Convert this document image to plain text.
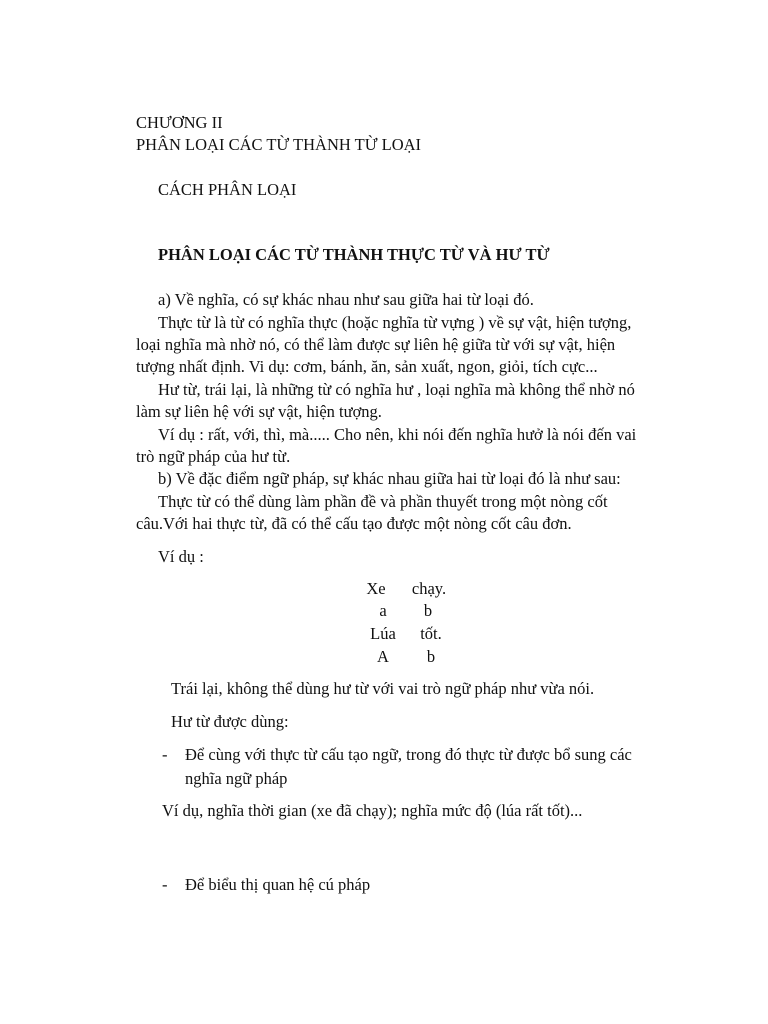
CHƯƠNG II
PHÂN LOẠI CÁC TỪ THÀNH TỪ LOẠI
CÁCH PHÂN LOẠI
PHÂN LOẠI CÁC TỪ THÀNH THỰC TỪ VÀ HƯ TỪ
a) Về nghĩa, có sự khác nhau như sau giữa hai từ loại đó.
Thực từ là từ có nghĩa thực (hoặc nghĩa từ vựng ) về sự vật, hiện tượng,
loại nghĩa mà nhờ nó, có thể làm được sự liên hệ giữa từ với sự vật, hiện
tượng nhất định. Vi dụ: cơm, bánh, ăn, sản xuất, ngon, giỏi, tích cực...
Hư từ, trái lại, là những từ có nghĩa hư , loại nghĩa mà không thể nhờ nó
làm sự liên hệ với sự vật, hiện tượng.
Ví dụ : rất, với, thì, mà..... Cho nên, khi nói đến nghĩa hưở là nói đến vai
trò ngữ pháp của hư từ.
b) Về đặc điểm ngữ pháp, sự khác nhau giữa hai từ loại đó là như sau:
Thực từ có thể dùng làm phần đề và phần thuyết trong một nòng cốt
câu.Với hai thực từ, đã có thể cấu tạo được một nòng cốt câu đơn.
Ví dụ :
Xe	chạy.
a	b
Lúa	tốt.
A	b
Trái lại, không thể dùng hư từ với vai trò ngữ pháp như vừa nói.
Hư từ được dùng:
- Để cùng với thực từ cấu tạo ngữ, trong đó thực từ được bổ sung các
nghĩa ngữ pháp
Ví dụ, nghĩa thời gian (xe đã chạy); nghĩa mức độ (lúa rất tốt)...
- Để biểu thị quan hệ cú pháp
